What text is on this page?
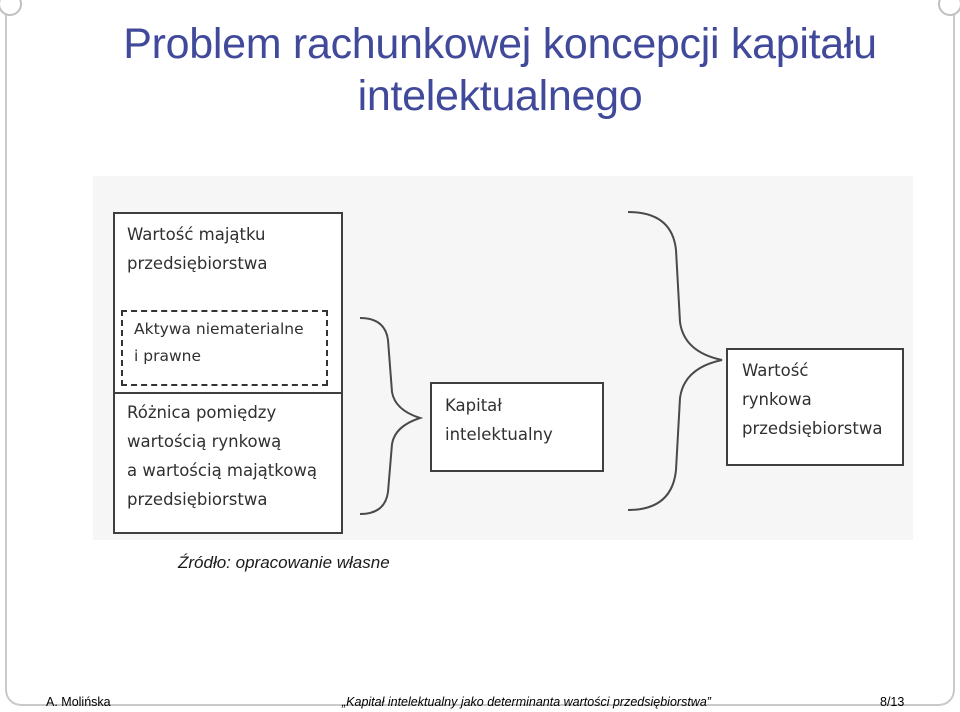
Problem rachunkowej koncepcji kapitału intelektualnego
Wartość majątku
przedsiębiorstwa
Aktywa niematerialne
i prawne
Różnica pomiędzy
wartością rynkową
a wartością majątkową
przedsiębiorstwa
Kapitał
intelektualny
Wartość
rynkowa
przedsiębiorstwa
Źródło: opracowanie własne
A. Molińska	„Kapitał intelektualny jako determinanta wartości przedsiębiorstwa”	8/13
